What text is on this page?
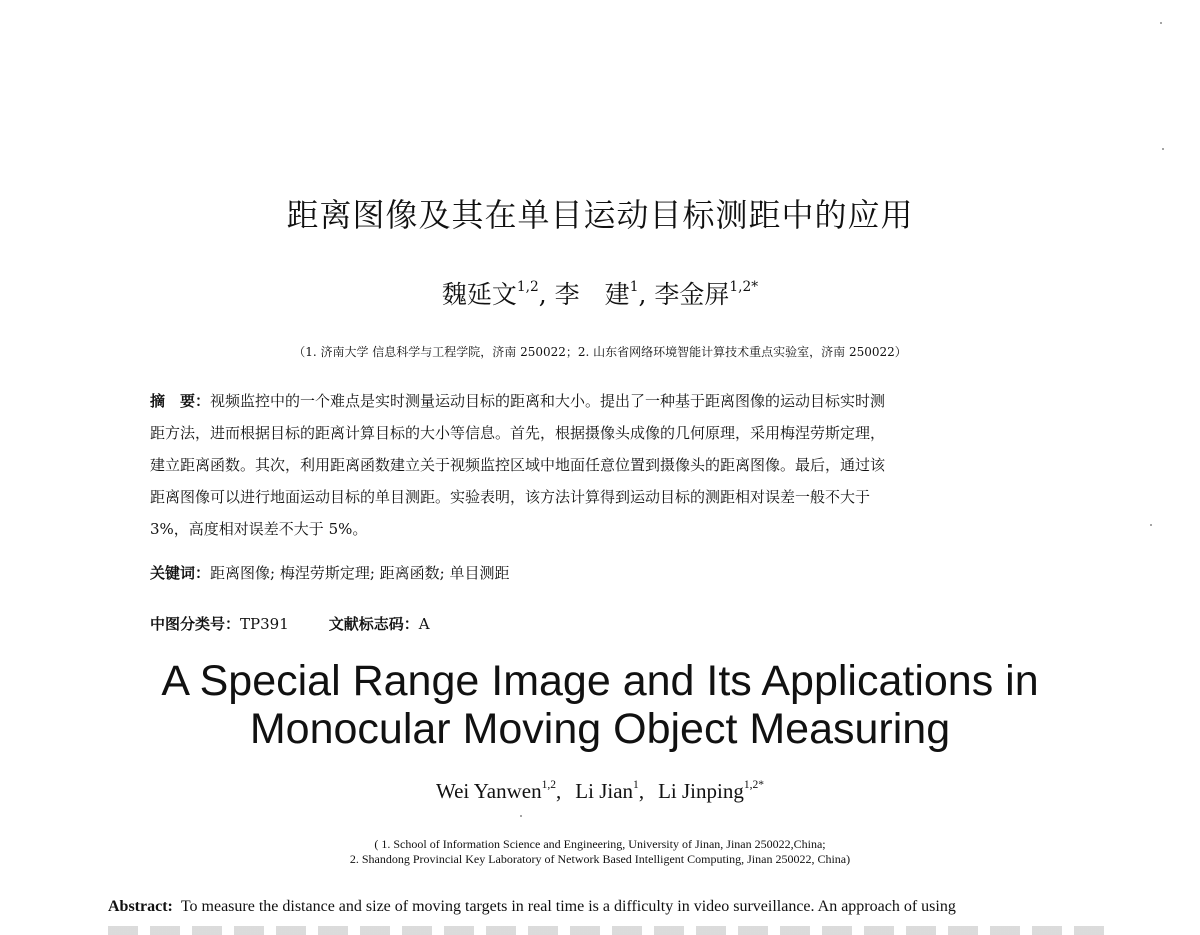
距离图像及其在单目运动目标测距中的应用
魏延文$^{1,2}$, 李　建$^1$, 李金屏$^{1,2*}$
（1. 济南大学 信息科学与工程学院，济南 250022；2. 山东省网络环境智能计算技术重点实验室，济南 250022）
摘　要：视频监控中的一个难点是实时测量运动目标的距离和大小。提出了一种基于距离图像的运动目标实时测
距方法，进而根据目标的距离计算目标的大小等信息。首先，根据摄像头成像的几何原理，采用梅涅劳斯定理，
建立距离函数。其次，利用距离函数建立关于视频监控区域中地面任意位置到摄像头的距离图像。最后，通过该
距离图像可以进行地面运动目标的单目测距。实验表明，该方法计算得到运动目标的测距相对误差一般不大于
3%，高度相对误差不大于 5%。
关键词：距离图像; 梅涅劳斯定理; 距离函数; 单目测距
中图分类号：TP391	文献标志码：A
A Special Range Image and Its Applications in
Monocular Moving Object Measuring
Wei Yanwen$^{1,2}$, Li Jian$^1$, Li Jinping$^{1,2*}$
( 1. School of Information Science and Engineering, University of Jinan, Jinan 250022,China;
2. Shandong Provincial Key Laboratory of Network Based Intelligent Computing, Jinan 250022, China)
Abstract: To measure the distance and size of moving targets in real time is a difficulty in video surveillance. An approach of using
